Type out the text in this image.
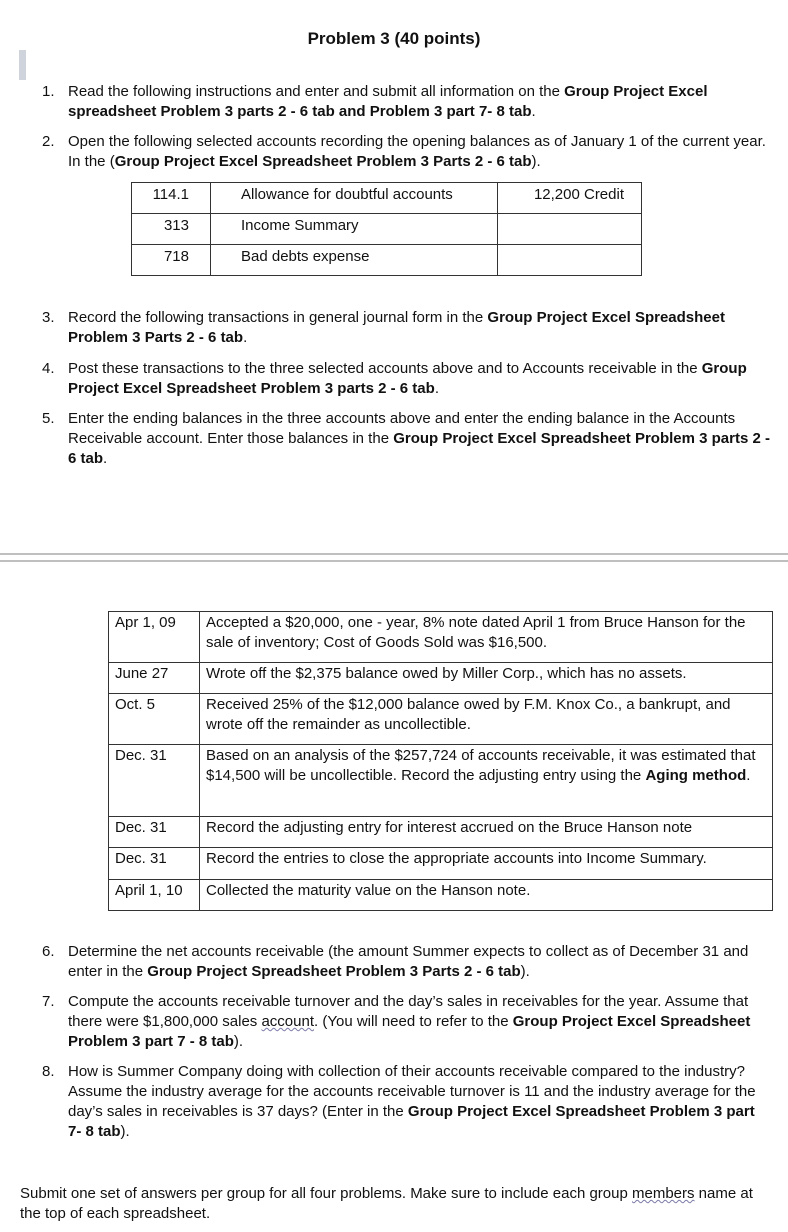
Problem 3 (40 points)
1. Read the following instructions and enter and submit all information on the Group Project Excel spreadsheet Problem 3 parts 2 - 6 tab and Problem 3 part 7- 8 tab.
2. Open the following selected accounts recording the opening balances as of January 1 of the current year. In the (Group Project Excel Spreadsheet Problem 3 Parts 2 - 6 tab).
114.1	Allowance for doubtful accounts	12,200 Credit
313	Income Summary	
718	Bad debts expense	
3. Record the following transactions in general journal form in the Group Project Excel Spreadsheet Problem 3 Parts 2 - 6 tab.
4. Post these transactions to the three selected accounts above and to Accounts receivable in the Group Project Excel Spreadsheet Problem 3 parts 2 - 6 tab.
5. Enter the ending balances in the three accounts above and enter the ending balance in the Accounts Receivable account. Enter those balances in the Group Project Excel Spreadsheet Problem 3 parts 2 - 6 tab.
Apr 1, 09	Accepted a $20,000, one - year, 8% note dated April 1 from Bruce Hanson for the sale of inventory; Cost of Goods Sold was $16,500.
June 27	Wrote off the $2,375 balance owed by Miller Corp., which has no assets.
Oct. 5	Received 25% of the $12,000 balance owed by F.M. Knox Co., a bankrupt, and wrote off the remainder as uncollectible.
Dec. 31	Based on an analysis of the $257,724 of accounts receivable, it was estimated that $14,500 will be uncollectible. Record the adjusting entry using the Aging method.
Dec. 31	Record the adjusting entry for interest accrued on the Bruce Hanson note
Dec. 31	Record the entries to close the appropriate accounts into Income Summary.
April 1, 10	Collected the maturity value on the Hanson note.
6. Determine the net accounts receivable (the amount Summer expects to collect as of December 31 and enter in the Group Project Spreadsheet Problem 3 Parts 2 - 6 tab).
7. Compute the accounts receivable turnover and the day’s sales in receivables for the year. Assume that there were $1,800,000 sales account. (You will need to refer to the Group Project Excel Spreadsheet Problem 3 part 7 - 8 tab).
8. How is Summer Company doing with collection of their accounts receivable compared to the industry? Assume the industry average for the accounts receivable turnover is 11 and the industry average for the day’s sales in receivables is 37 days? (Enter in the Group Project Excel Spreadsheet Problem 3 part 7- 8 tab).
Submit one set of answers per group for all four problems. Make sure to include each group members name at the top of each spreadsheet.
